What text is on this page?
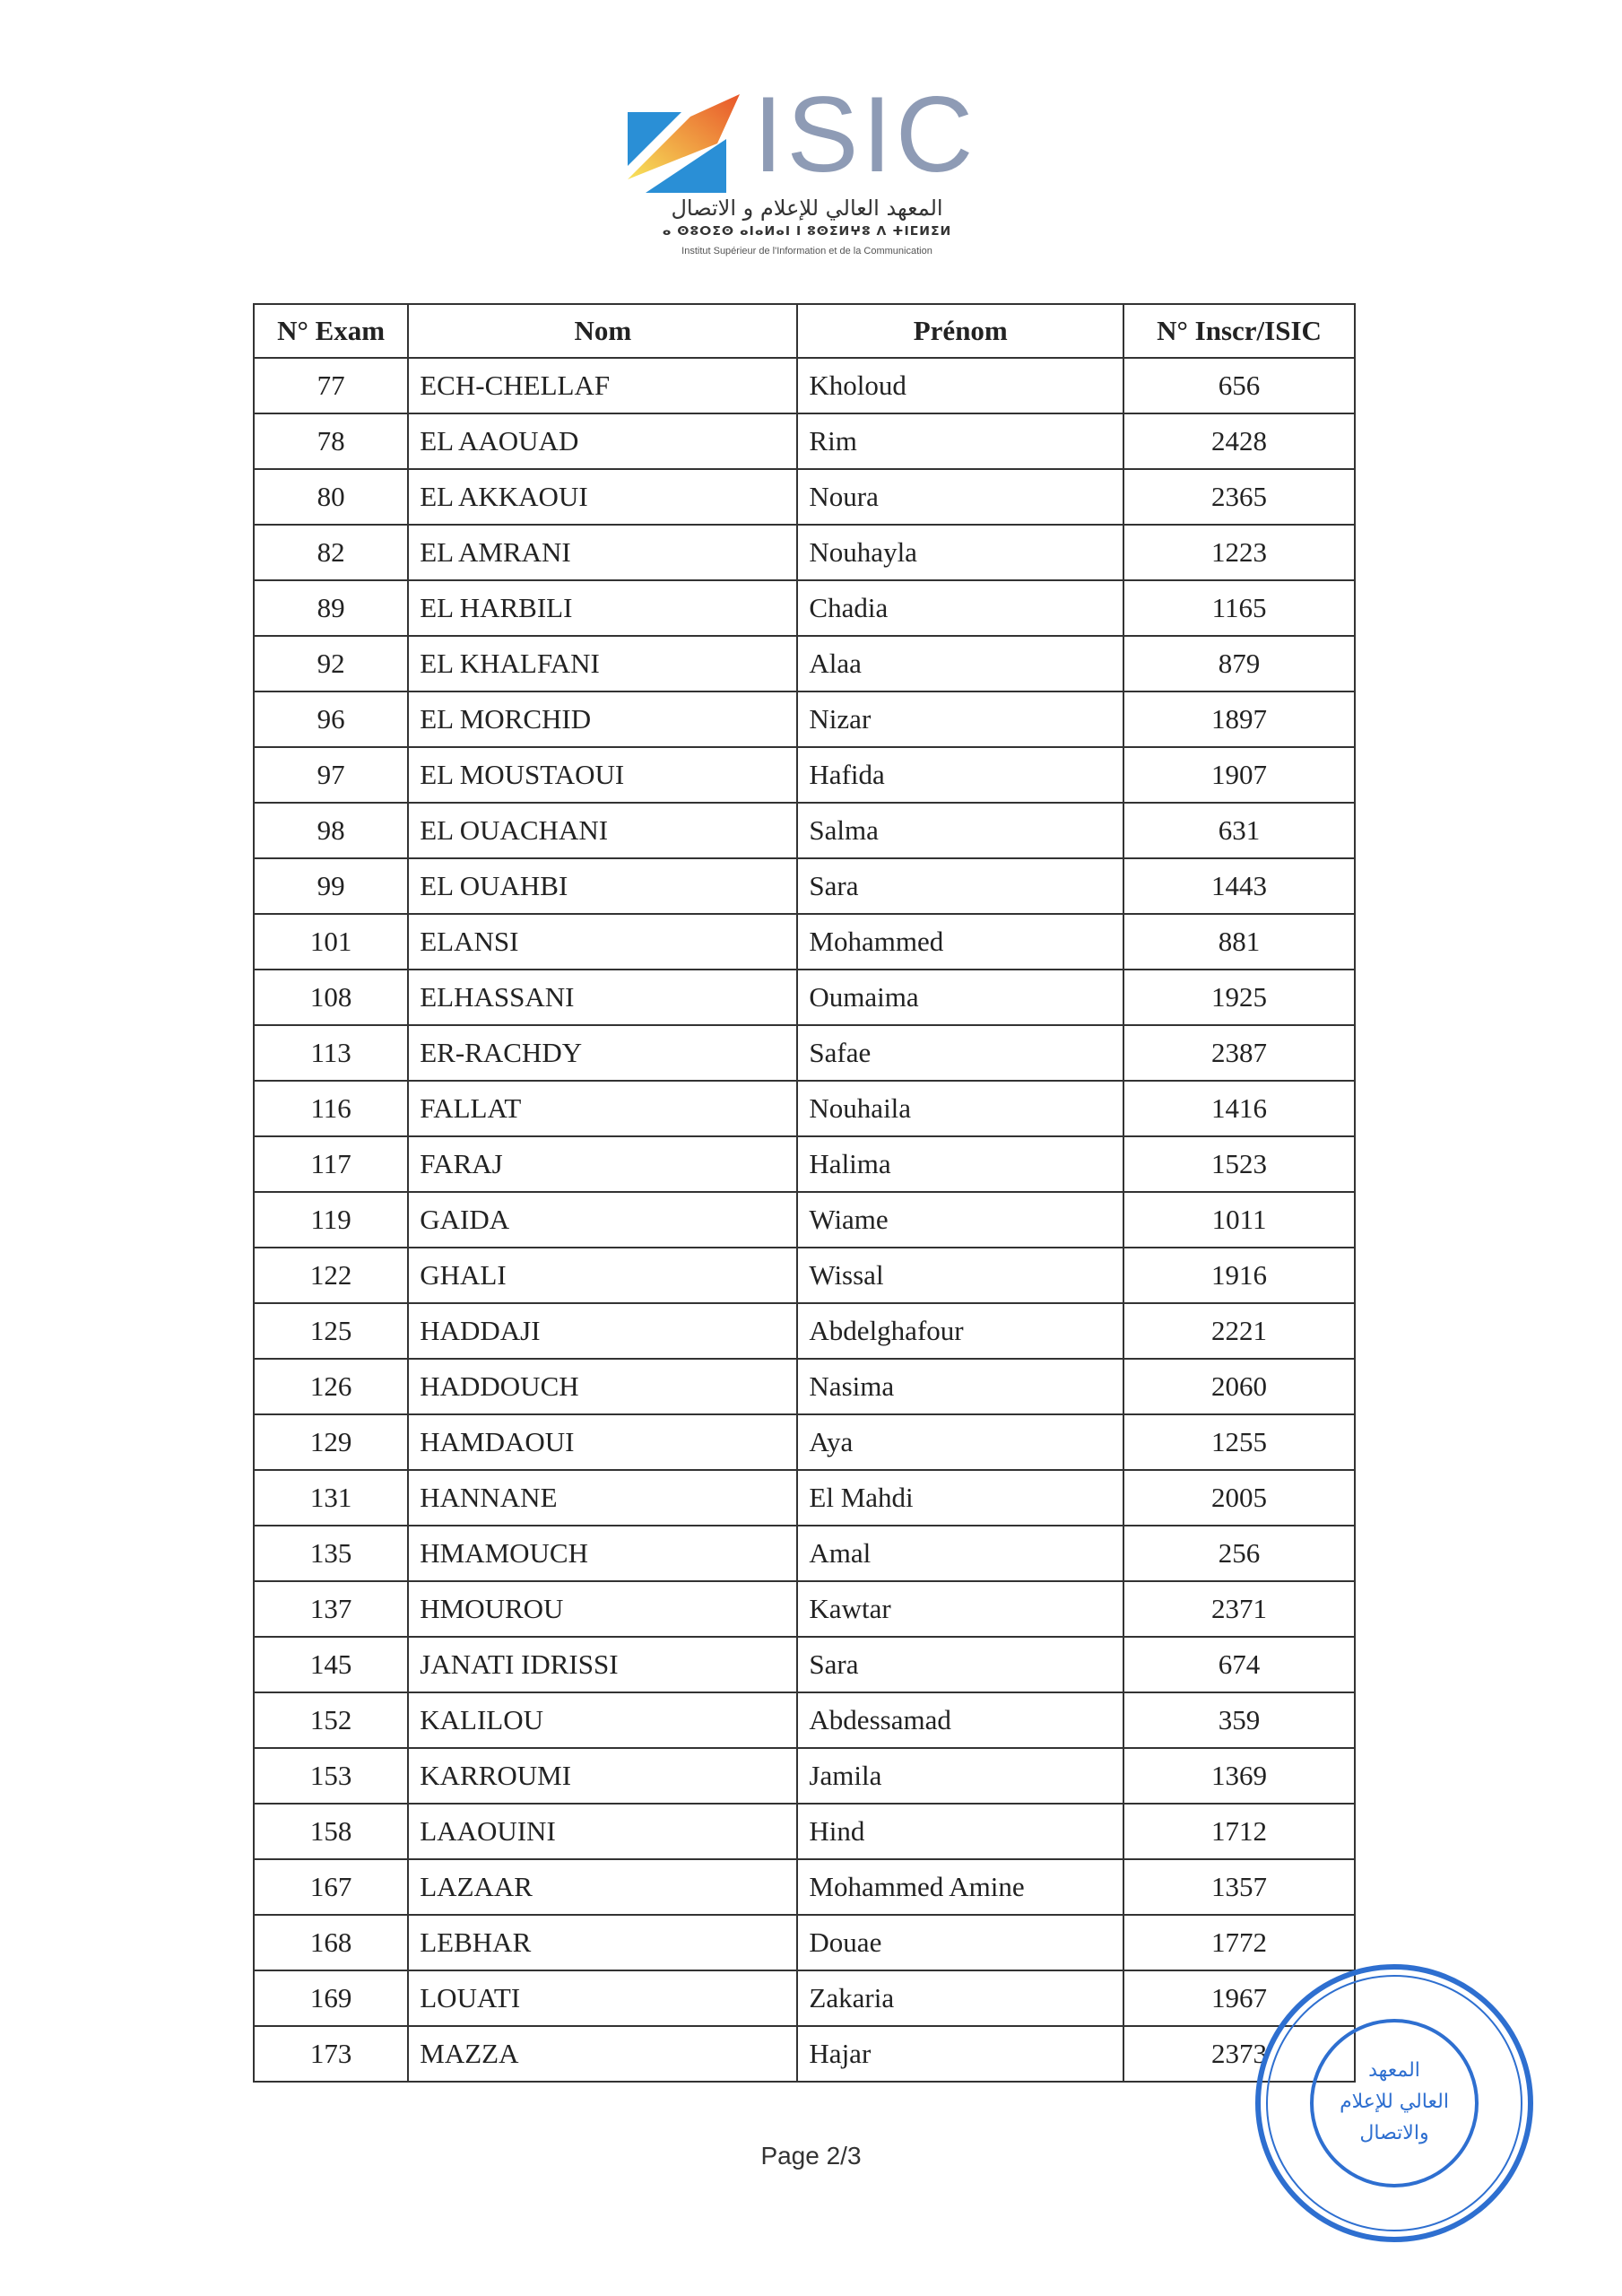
ISIC
المعهد العالي للإعلام و الاتصال
ⴰ ⵙⵓⵔⵉⵙ ⴰⵏⴰⵍⴰⵏ ⵏ ⵓⵙⵉⵍⵖⵓ ⴷ ⵜⵏⵎⵍⵉⵍ
Institut Supérieur de l'Information et de la Communication
N° Exam	Nom	Prénom	N° Inscr/ISIC
77	ECH-CHELLAF	Kholoud	656
78	EL AAOUAD	Rim	2428
80	EL AKKAOUI	Noura	2365
82	EL AMRANI	Nouhayla	1223
89	EL HARBILI	Chadia	1165
92	EL KHALFANI	Alaa	879
96	EL MORCHID	Nizar	1897
97	EL MOUSTAOUI	Hafida	1907
98	EL OUACHANI	Salma	631
99	EL OUAHBI	Sara	1443
101	ELANSI	Mohammed	881
108	ELHASSANI	Oumaima	1925
113	ER-RACHDY	Safae	2387
116	FALLAT	Nouhaila	1416
117	FARAJ	Halima	1523
119	GAIDA	Wiame	1011
122	GHALI	Wissal	1916
125	HADDAJI	Abdelghafour	2221
126	HADDOUCH	Nasima	2060
129	HAMDAOUI	Aya	1255
131	HANNANE	El Mahdi	2005
135	HMAMOUCH	Amal	256
137	HMOUROU	Kawtar	2371
145	JANATI IDRISSI	Sara	674
152	KALILOU	Abdessamad	359
153	KARROUMI	Jamila	1369
158	LAAOUINI	Hind	1712
167	LAZAAR	Mohammed Amine	1357
168	LEBHAR	Douae	1772
169	LOUATI	Zakaria	1967
173	MAZZA	Hajar	2373
المعهد
العالي للإعلام
والاتصال
Page 2/3
